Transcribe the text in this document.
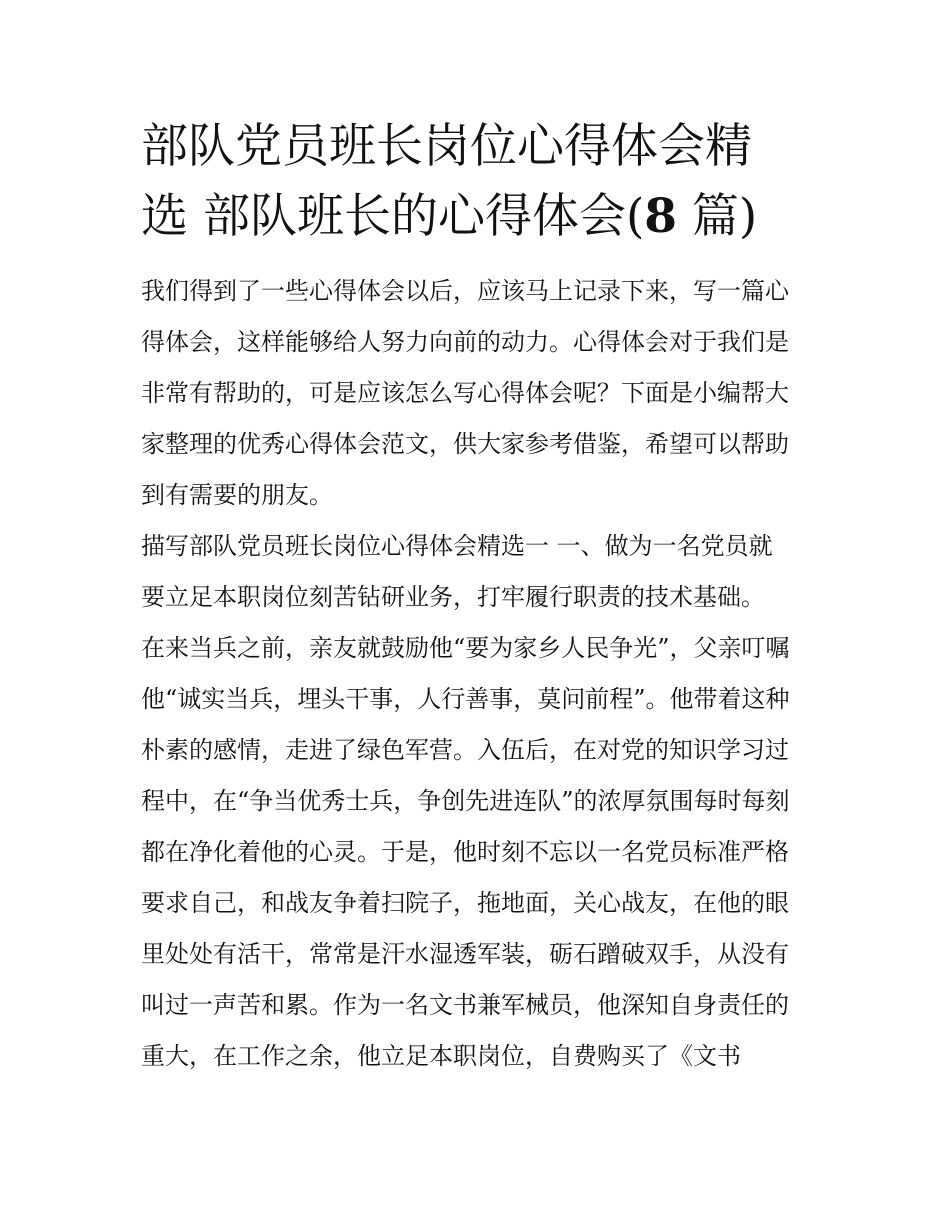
部队党员班长岗位心得体会精
选 部队班长的心得体会(8 篇)

我们得到了一些心得体会以后，应该马上记录下来，写一篇心
得体会，这样能够给人努力向前的动力。心得体会对于我们是
非常有帮助的，可是应该怎么写心得体会呢？下面是小编帮大
家整理的优秀心得体会范文，供大家参考借鉴，希望可以帮助
到有需要的朋友。

描写部队党员班长岗位心得体会精选一 一、做为一名党员就
要立足本职岗位刻苦钻研业务，打牢履行职责的技术基础。

在来当兵之前，亲友就鼓励他“要为家乡人民争光”，父亲叮嘱
他“诚实当兵，埋头干事，人行善事，莫问前程”。他带着这种
朴素的感情，走进了绿色军营。入伍后，在对党的知识学习过
程中，在“争当优秀士兵，争创先进连队”的浓厚氛围每时每刻
都在净化着他的心灵。于是，他时刻不忘以一名党员标准严格
要求自己，和战友争着扫院子，拖地面，关心战友，在他的眼
里处处有活干，常常是汗水湿透军装，砺石蹭破双手，从没有
叫过一声苦和累。作为一名文书兼军械员，他深知自身责任的
重大，在工作之余，他立足本职岗位，自费购买了《文书
